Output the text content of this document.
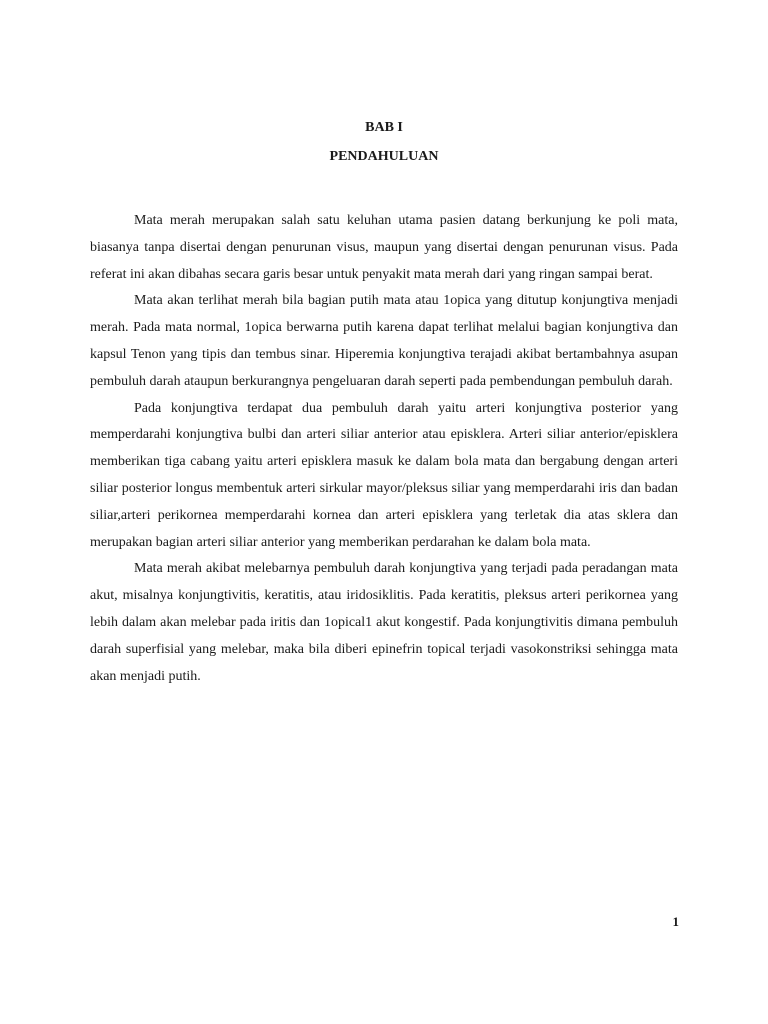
BAB I
PENDAHULUAN

Mata merah merupakan salah satu keluhan utama pasien datang berkunjung ke poli mata, biasanya tanpa disertai dengan penurunan visus, maupun yang disertai dengan penurunan visus. Pada referat ini akan dibahas secara garis besar untuk penyakit mata merah dari yang ringan sampai berat.

Mata akan terlihat merah bila bagian putih mata atau 1opica yang ditutup konjungtiva menjadi merah. Pada mata normal, 1opica berwarna putih karena dapat terlihat melalui bagian konjungtiva dan kapsul Tenon yang tipis dan tembus sinar. Hiperemia konjungtiva terajadi akibat bertambahnya asupan pembuluh darah ataupun berkurangnya pengeluaran darah seperti pada pembendungan pembuluh darah.

Pada konjungtiva terdapat dua pembuluh darah yaitu arteri konjungtiva posterior yang memperdarahi konjungtiva bulbi dan arteri siliar anterior atau episklera. Arteri siliar anterior/episklera memberikan tiga cabang yaitu arteri episklera masuk ke dalam bola mata dan bergabung dengan arteri siliar posterior longus membentuk arteri sirkular mayor/pleksus siliar yang memperdarahi iris dan badan siliar,arteri perikornea memperdarahi kornea dan arteri episklera yang terletak dia atas sklera dan merupakan bagian arteri siliar anterior yang memberikan perdarahan ke dalam bola mata.

Mata merah akibat melebarnya pembuluh darah konjungtiva yang terjadi pada peradangan mata akut, misalnya konjungtivitis, keratitis, atau iridosiklitis. Pada keratitis, pleksus arteri perikornea yang lebih dalam akan melebar pada iritis dan 1opical1 akut kongestif. Pada konjungtivitis dimana pembuluh darah superfisial yang melebar, maka bila diberi epinefrin topical terjadi vasokonstriksi sehingga mata akan menjadi putih.

1
